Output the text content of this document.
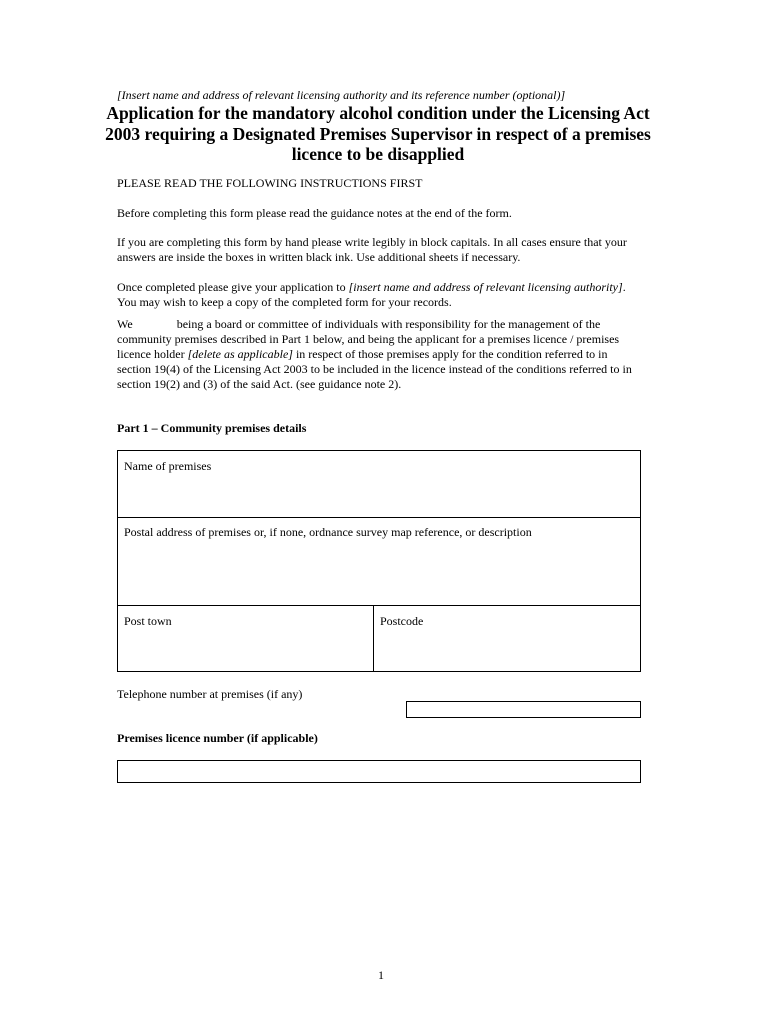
[Insert name and address of relevant licensing authority and its reference number (optional)]
Application for the mandatory alcohol condition under the Licensing Act 2003 requiring a Designated Premises Supervisor in respect of a premises licence to be disapplied
PLEASE READ THE FOLLOWING INSTRUCTIONS FIRST
Before completing this form please read the guidance notes at the end of the form.
If you are completing this form by hand please write legibly in block capitals. In all cases ensure that your answers are inside the boxes in written black ink. Use additional sheets if necessary.
Once completed please give your application to [insert name and address of relevant licensing authority]. You may wish to keep a copy of the completed form for your records.
We	being a board or committee of individuals with responsibility for the management of the community premises described in Part 1 below, and being the applicant for a premises licence / premises licence holder [delete as applicable] in respect of those premises apply for the condition referred to in section 19(4) of the Licensing Act 2003 to be included in the licence instead of the conditions referred to in section 19(2) and (3) of the said Act. (see guidance note 2).
Part 1 – Community premises details
Name of premises
Postal address of premises or, if none, ordnance survey map reference, or description
Post town	Postcode
Telephone number at premises (if any)
Premises licence number (if applicable)
1
